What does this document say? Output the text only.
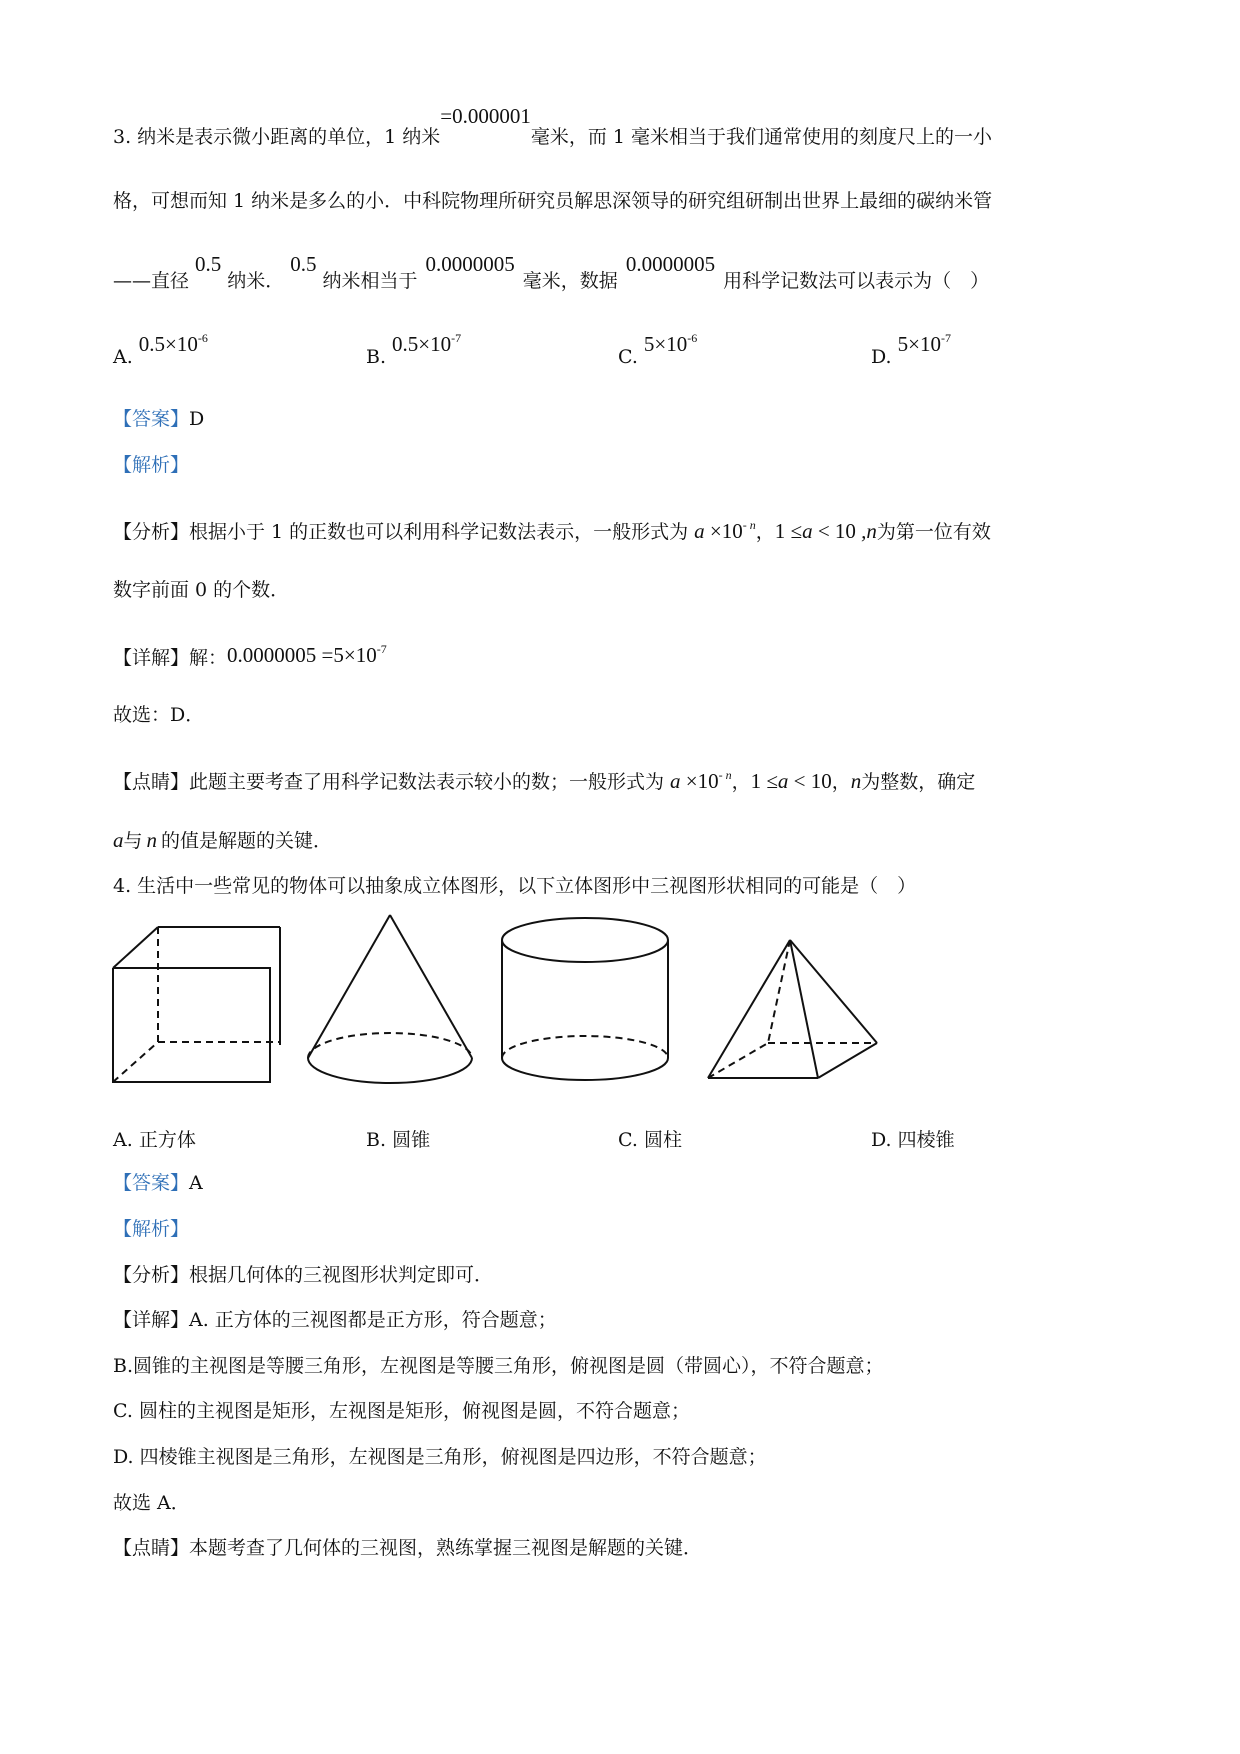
3. 纳米是表示微小距离的单位，1 纳米=0.000001毫米，而 1 毫米相当于我们通常使用的刻度尺上的一小
格，可想而知 1 纳米是多么的小．中科院物理所研究员解思深领导的研究组研制出世界上最细的碳纳米管
——直径0.5纳米．0.5纳米相当于0.0000005毫米，数据0.0000005用科学记数法可以表示为（　）
$A.0.5\times 10^{-6}$
$B.0.5\times 10^{-7}$
$C.5\times 10^{-6}$
$D.5\times 10^{-7}$
【答案】D
【解析】
【分析】根据小于 1 的正数也可以利用科学记数法表示，一般形式为 $a \times 10^{- n}$，1 ≤a < 10 ,n为第一位有效
数字前面 0 的个数．
【详解】解：$0.0000005 =5\times 10^{-7}$
故选：D．
【点睛】此题主要考查了用科学记数法表示较小的数；一般形式为 $a \times 10^{- n}$，1 ≤a < 10，n为整数，确定
a与 n 的值是解题的关键．
4. 生活中一些常见的物体可以抽象成立体图形，以下立体图形中三视图形状相同的可能是（　）
A. 正方体	B. 圆锥	C. 圆柱	D. 四棱锥
【答案】A
【解析】
【分析】根据几何体的三视图形状判定即可．
【详解】A. 正方体的三视图都是正方形，符合题意；
B.圆锥的主视图是等腰三角形，左视图是等腰三角形，俯视图是圆（带圆心），不符合题意；
C. 圆柱的主视图是矩形，左视图是矩形，俯视图是圆，不符合题意；
D. 四棱锥主视图是三角形，左视图是三角形，俯视图是四边形，不符合题意；
故选 A．
【点睛】本题考查了几何体的三视图，熟练掌握三视图是解题的关键．
